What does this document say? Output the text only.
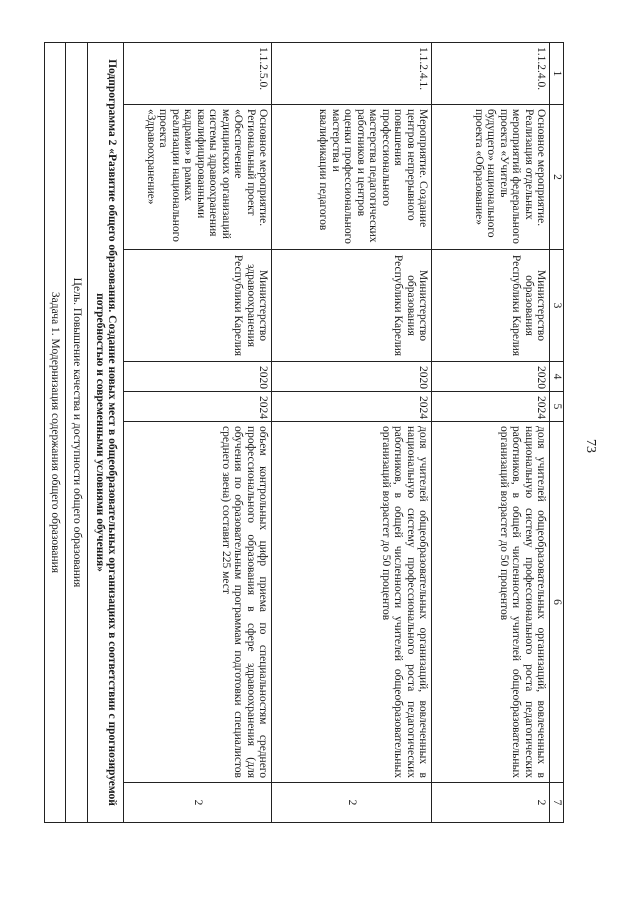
73
1	2	3	4	5	6	7
1.1.2.4.0.	Основное мероприятие. Реализация отдельных мероприятий федерального проекта «Учитель будущего» национального проекта «Образование»	Министерство образования Республики Карелия	2020	2024	доля учителей общеобразовательных организаций, вовлеченных в национальную систему профессионального роста педагогических работников, в общей численности учителей общеобразовательных организаций возрастет до 50 процентов	2
1.1.2.4.1.	Мероприятие. Создание центров непрерывного повышения профессионального мастерства педагогических работников и центров оценки профессионального мастерства и квалификации педагогов	Министерство образования Республики Карелия	2020	2024	доля учителей общеобразовательных организаций, вовлеченных в национальную систему профессионального роста педагогических работников, в общей численности учителей общеобразовательных организаций возрастет до 50 процентов	2
1.1.2.5.0.	Основное мероприятие. Региональный проект «Обеспечение медицинских организаций системы здравоохранения квалифицированными кадрами» в рамках реализации национального проекта «Здравоохранение»	Министерство здравоохранения Республики Карелия	2020	2024	объем контрольных цифр приема по специальностям среднего профессионального образования в сфере здравоохранения (для обучения по образовательным программам подготовки специалистов среднего звена) составит 225 мест	2
Подпрограмма 2 «Развитие общего образования. Создание новых мест в общеобразовательных организациях в соответствии с прогнозируемой потребностью и современными условиями обучения»						
Цель. Повышение качества и доступности общего образования						
Задача 1. Модернизация содержания общего образования						
